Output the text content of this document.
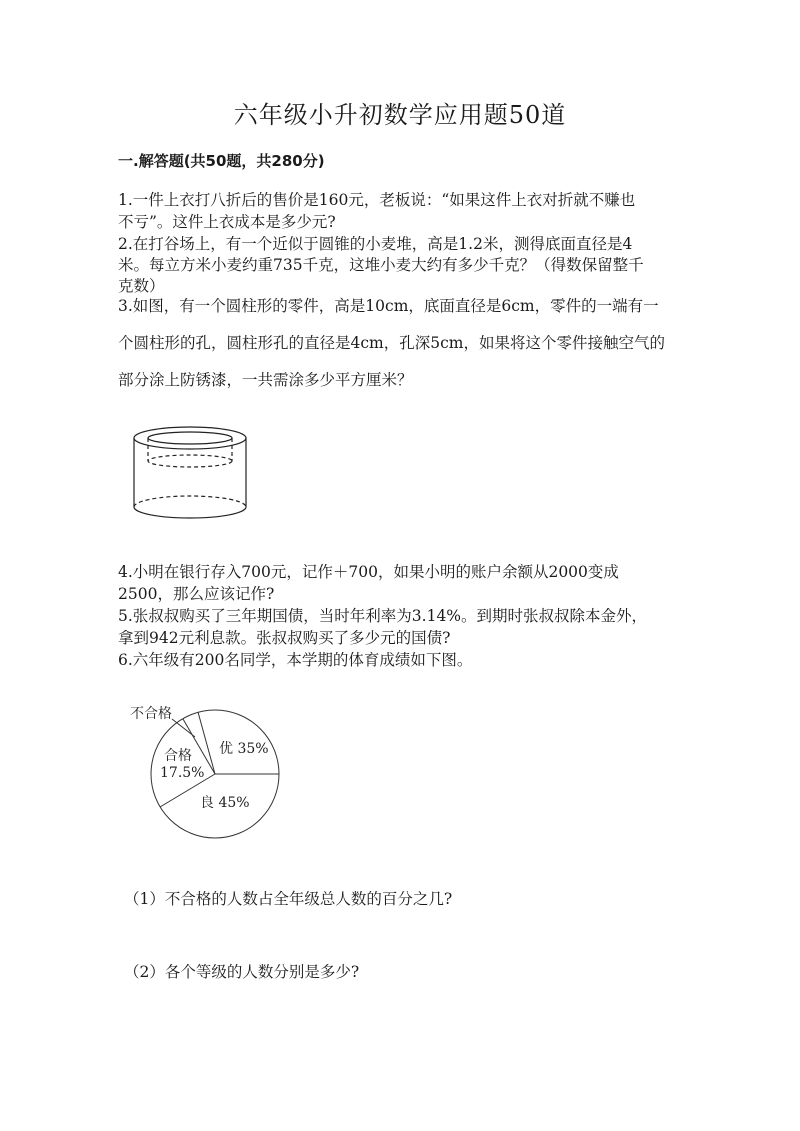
六年级小升初数学应用题50道
一.解答题(共50题，共280分)
1.一件上衣打八折后的售价是160元，老板说：“如果这件上衣对折就不赚也
不亏”。这件上衣成本是多少元?
2.在打谷场上，有一个近似于圆锥的小麦堆，高是1.2米，测得底面直径是4
米。每立方米小麦约重735千克，这堆小麦大约有多少千克？（得数保留整千
克数）
3.如图，有一个圆柱形的零件，高是10cm，底面直径是6cm，零件的一端有一
个圆柱形的孔，圆柱形孔的直径是4cm，孔深5cm，如果将这个零件接触空气的
部分涂上防锈漆，一共需涂多少平方厘米？
4.小明在银行存入700元，记作＋700，如果小明的账户余额从2000变成
2500，那么应该记作?
5.张叔叔购买了三年期国债，当时年利率为3.14%。到期时张叔叔除本金外，
拿到942元利息款。张叔叔购买了多少元的国债?
6.六年级有200名同学，本学期的体育成绩如下图。
不合格
合格
17.5%
优 35%
良 45%
（1）不合格的人数占全年级总人数的百分之几?
（2）各个等级的人数分别是多少?
